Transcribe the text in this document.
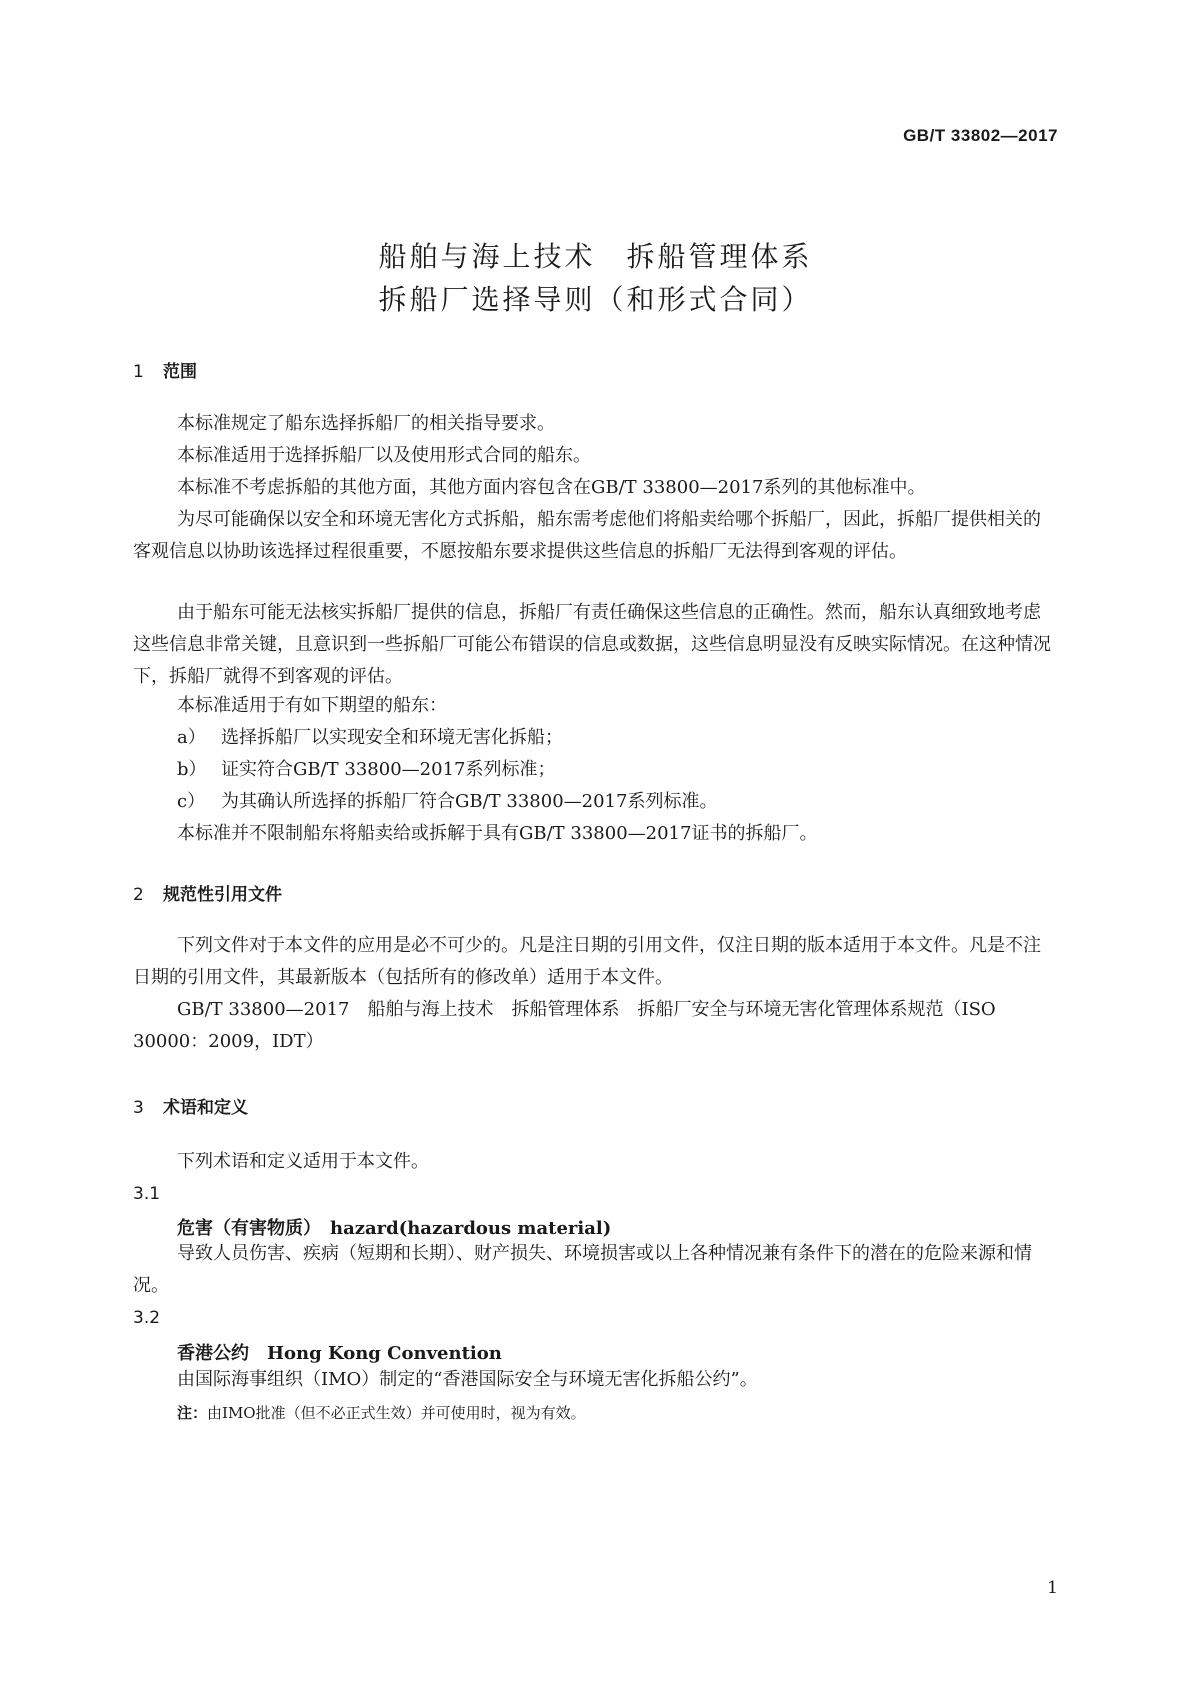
GB/T 33802—2017
船舶与海上技术　拆船管理体系
拆船厂选择导则（和形式合同）
1 范围

本标准规定了船东选择拆船厂的相关指导要求。

本标准适用于选择拆船厂以及使用形式合同的船东。

本标准不考虑拆船的其他方面，其他方面内容包含在GB/T 33800—2017系列的其他标准中。

为尽可能确保以安全和环境无害化方式拆船，船东需考虑他们将船卖给哪个拆船厂，因此，拆船厂提供相关的客观信息以协助该选择过程很重要，不愿按船东要求提供这些信息的拆船厂无法得到客观的评估。

由于船东可能无法核实拆船厂提供的信息，拆船厂有责任确保这些信息的正确性。然而，船东认真细致地考虑这些信息非常关键，且意识到一些拆船厂可能公布错误的信息或数据，这些信息明显没有反映实际情况。在这种情况下，拆船厂就得不到客观的评估。

本标准适用于有如下期望的船东：

a） 选择拆船厂以实现安全和环境无害化拆船；
b） 证实符合GB/T 33800—2017系列标准；
c） 为其确认所选择的拆船厂符合GB/T 33800—2017系列标准。

本标准并不限制船东将船卖给或拆解于具有GB/T 33800—2017证书的拆船厂。

2 规范性引用文件

下列文件对于本文件的应用是必不可少的。凡是注日期的引用文件，仅注日期的版本适用于本文件。凡是不注日期的引用文件，其最新版本（包括所有的修改单）适用于本文件。

GB/T 33800—2017　船舶与海上技术　拆船管理体系　拆船厂安全与环境无害化管理体系规范（ISO 30000：2009，IDT）

3 术语和定义

下列术语和定义适用于本文件。

3.1
危害（有害物质）　 hazard(hazardous material)

导致人员伤害、疾病（短期和长期）、财产损失、环境损害或以上各种情况兼有条件下的潜在的危险来源和情况。

3.2
香港公约　 Hong Kong Convention

由国际海事组织（IMO）制定的“香港国际安全与环境无害化拆船公约”。

注：由IMO批准（但不必正式生效）并可使用时，视为有效。
1
